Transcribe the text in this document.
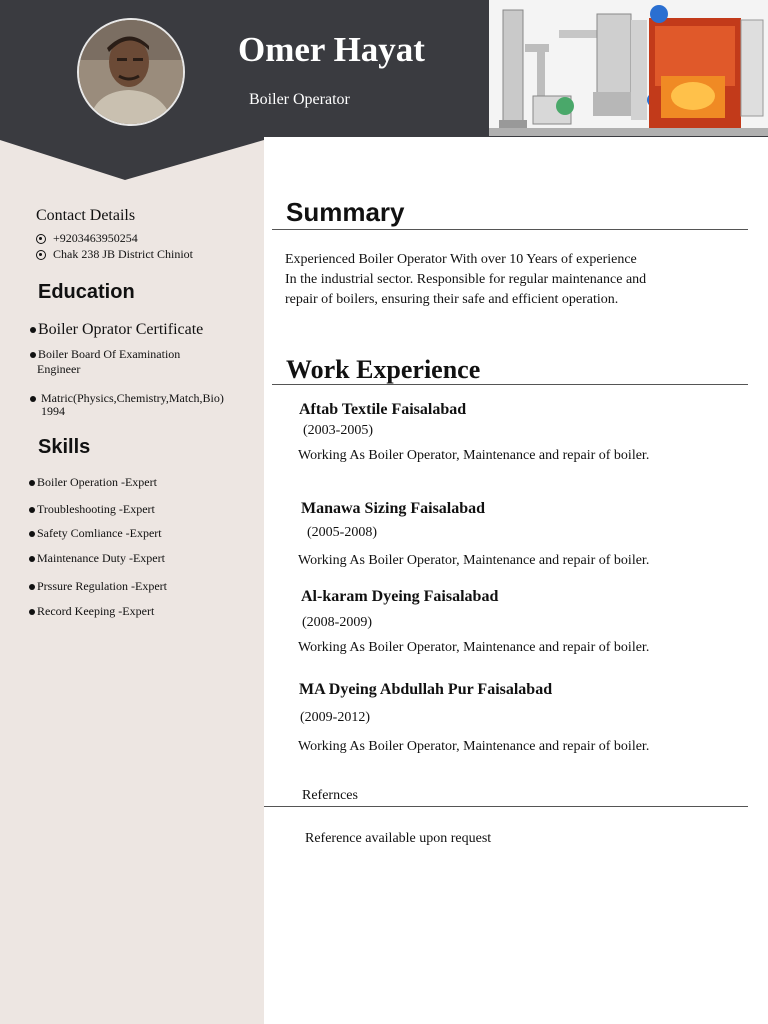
Omer Hayat
Boiler Operator
Contact Details
+9203463950254
Chak 238 JB District Chiniot
Education
Boiler Oprator Certificate
Boiler Board Of Examination
Engineer
Matric(Physics,Chemistry,Match,Bio)
1994
Skills
Boiler Operation -Expert
Troubleshooting -Expert
Safety Comliance -Expert
Maintenance Duty -Expert
Prssure Regulation -Expert
Record Keeping -Expert
Summary
Experienced Boiler Operator With over 10 Years of experience
In the industrial sector. Responsible for regular maintenance and
repair of boilers, ensuring their safe and efficient operation.
Work Experience
Aftab Textile Faisalabad
(2003-2005)
Working As Boiler Operator, Maintenance and repair of boiler.
Manawa Sizing Faisalabad
(2005-2008)
Working As Boiler Operator, Maintenance and repair of boiler.
Al-karam Dyeing Faisalabad
(2008-2009)
Working As Boiler Operator, Maintenance and repair of boiler.
MA Dyeing Abdullah Pur Faisalabad
(2009-2012)
Working As Boiler Operator, Maintenance and repair of boiler.
Refernces
Reference available upon request
